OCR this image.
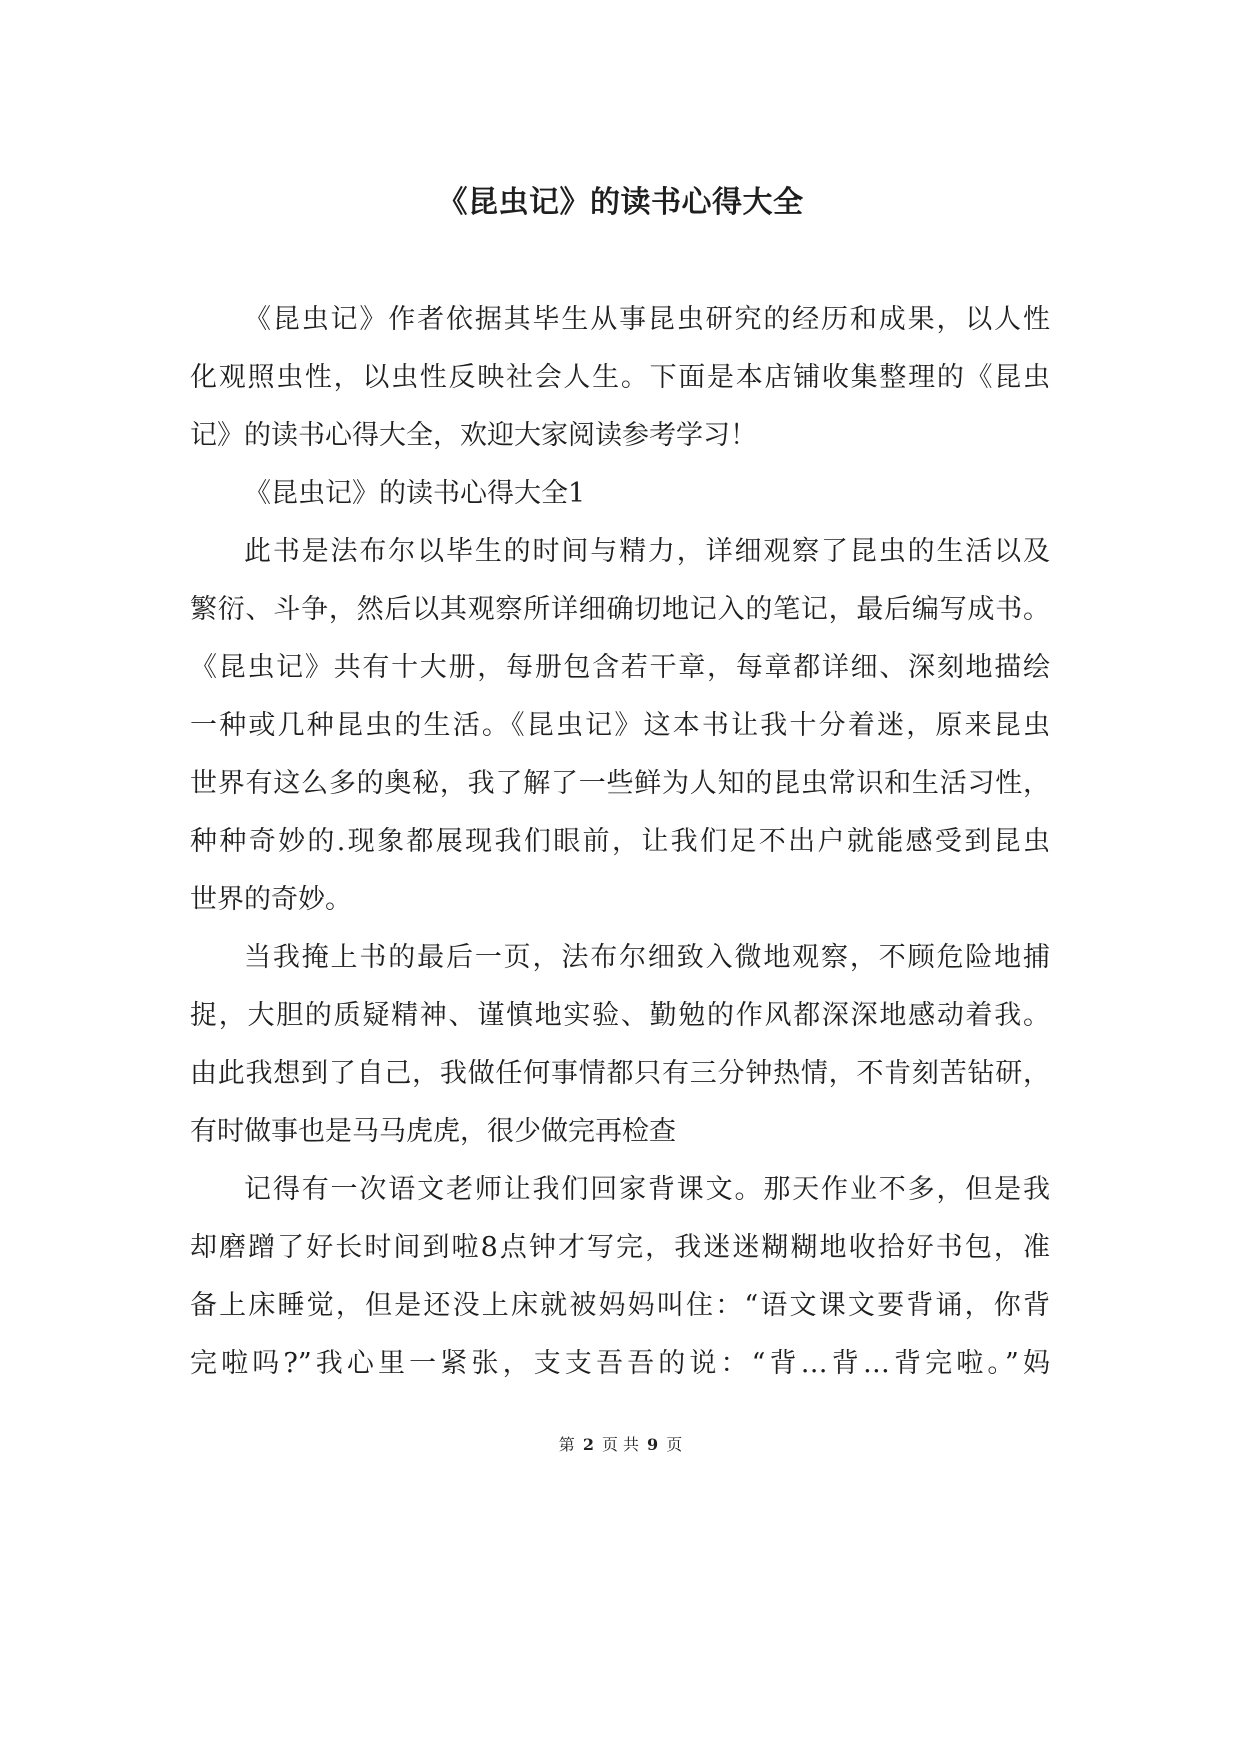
《昆虫记》的读书心得大全
《昆虫记》作者依据其毕生从事昆虫研究的经历和成果，以人性
化观照虫性，以虫性反映社会人生。下面是本店铺收集整理的《昆虫
记》的读书心得大全，欢迎大家阅读参考学习！
《昆虫记》的读书心得大全1
此书是法布尔以毕生的时间与精力，详细观察了昆虫的生活以及
繁衍、斗争，然后以其观察所详细确切地记入的笔记，最后编写成书。
《昆虫记》共有十大册，每册包含若干章，每章都详细、深刻地描绘
一种或几种昆虫的生活。《昆虫记》这本书让我十分着迷，原来昆虫
世界有这么多的奥秘，我了解了一些鲜为人知的昆虫常识和生活习性，
种种奇妙的.现象都展现我们眼前，让我们足不出户就能感受到昆虫
世界的奇妙。
当我掩上书的最后一页，法布尔细致入微地观察，不顾危险地捕
捉，大胆的质疑精神、谨慎地实验、勤勉的作风都深深地感动着我。
由此我想到了自己，我做任何事情都只有三分钟热情，不肯刻苦钻研，
有时做事也是马马虎虎，很少做完再检查
记得有一次语文老师让我们回家背课文。那天作业不多，但是我
却磨蹭了好长时间到啦8点钟才写完，我迷迷糊糊地收拾好书包，准
备上床睡觉，但是还没上床就被妈妈叫住：“语文课文要背诵，你背
完啦吗?”我心里一紧张，支支吾吾的说：“背…背…背完啦。”妈
第 2 页 共 9 页
